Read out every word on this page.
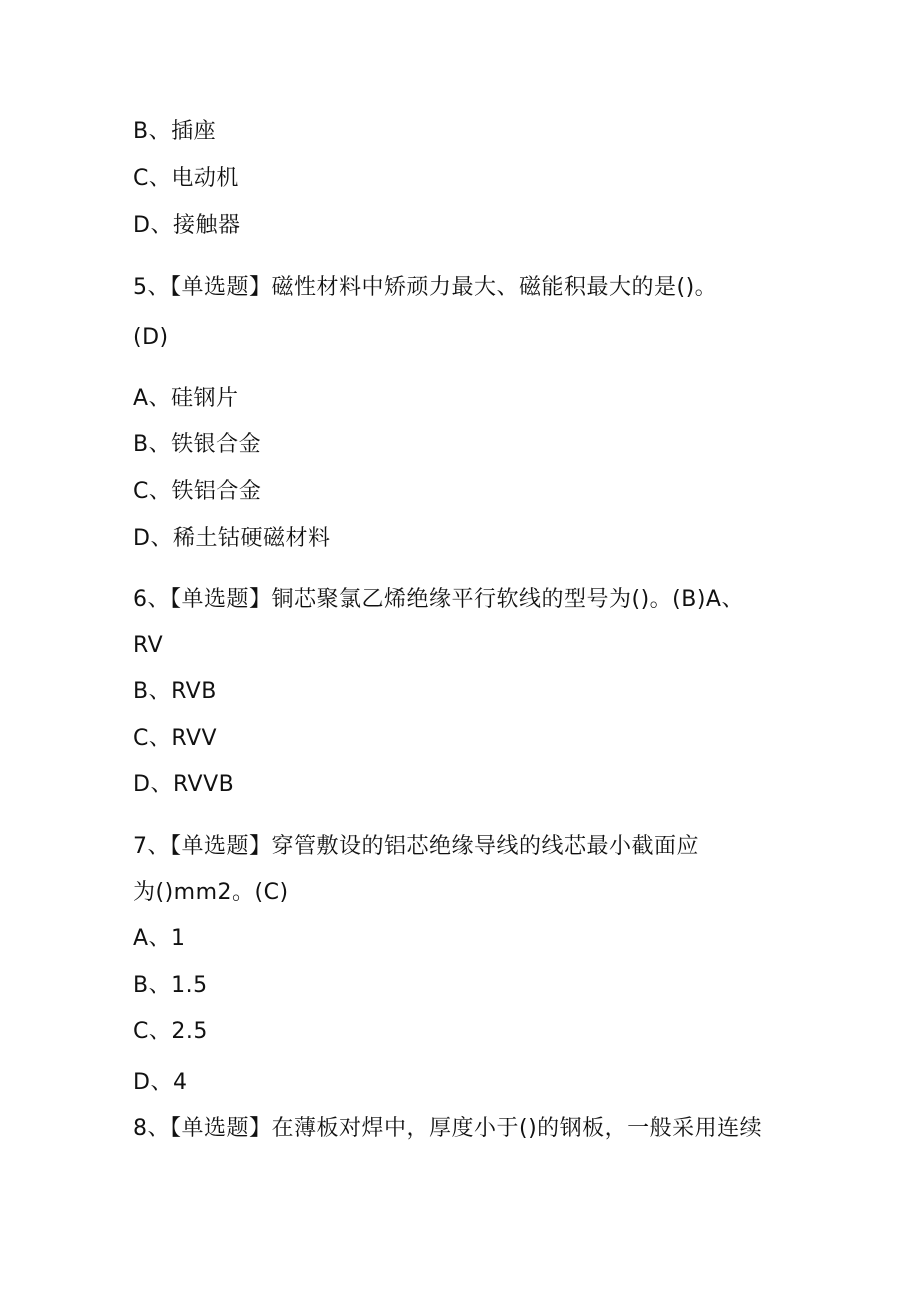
B、插座
C、电动机
D、接触器
5、【单选题】磁性材料中矫顽力最大、磁能积最大的是()。
(D)
A、硅钢片
B、铁银合金
C、铁铝合金
D、稀土钴硬磁材料
6、【单选题】铜芯聚氯乙烯绝缘平行软线的型号为()。(B)A、
RV
B、RVB
C、RVV
D、RVVB
7、【单选题】穿管敷设的铝芯绝缘导线的线芯最小截面应
为()mm2。(C)
A、1
B、1.5
C、2.5
D、4
8、【单选题】在薄板对焊中，厚度小于()的钢板，一般采用连续
